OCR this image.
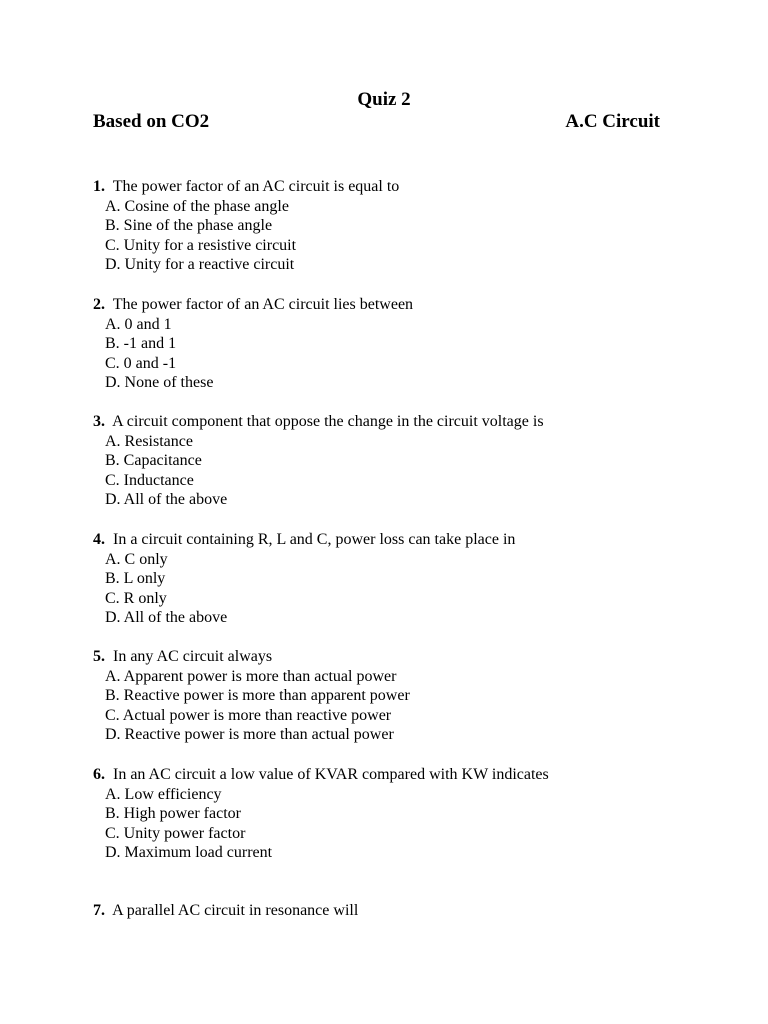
Quiz 2
Based on CO2	A.C Circuit
1. The power factor of an AC circuit is equal to
A. Cosine of the phase angle
B. Sine of the phase angle
C. Unity for a resistive circuit
D. Unity for a reactive circuit
2. The power factor of an AC circuit lies between
A. 0 and 1
B. -1 and 1
C. 0 and -1
D. None of these
3. A circuit component that oppose the change in the circuit voltage is
A. Resistance
B. Capacitance
C. Inductance
D. All of the above
4. In a circuit containing R, L and C, power loss can take place in
A. C only
B. L only
C. R only
D. All of the above
5. In any AC circuit always
A. Apparent power is more than actual power
B. Reactive power is more than apparent power
C. Actual power is more than reactive power
D. Reactive power is more than actual power
6. In an AC circuit a low value of KVAR compared with KW indicates
A. Low efficiency
B. High power factor
C. Unity power factor
D. Maximum load current
7. A parallel AC circuit in resonance will
